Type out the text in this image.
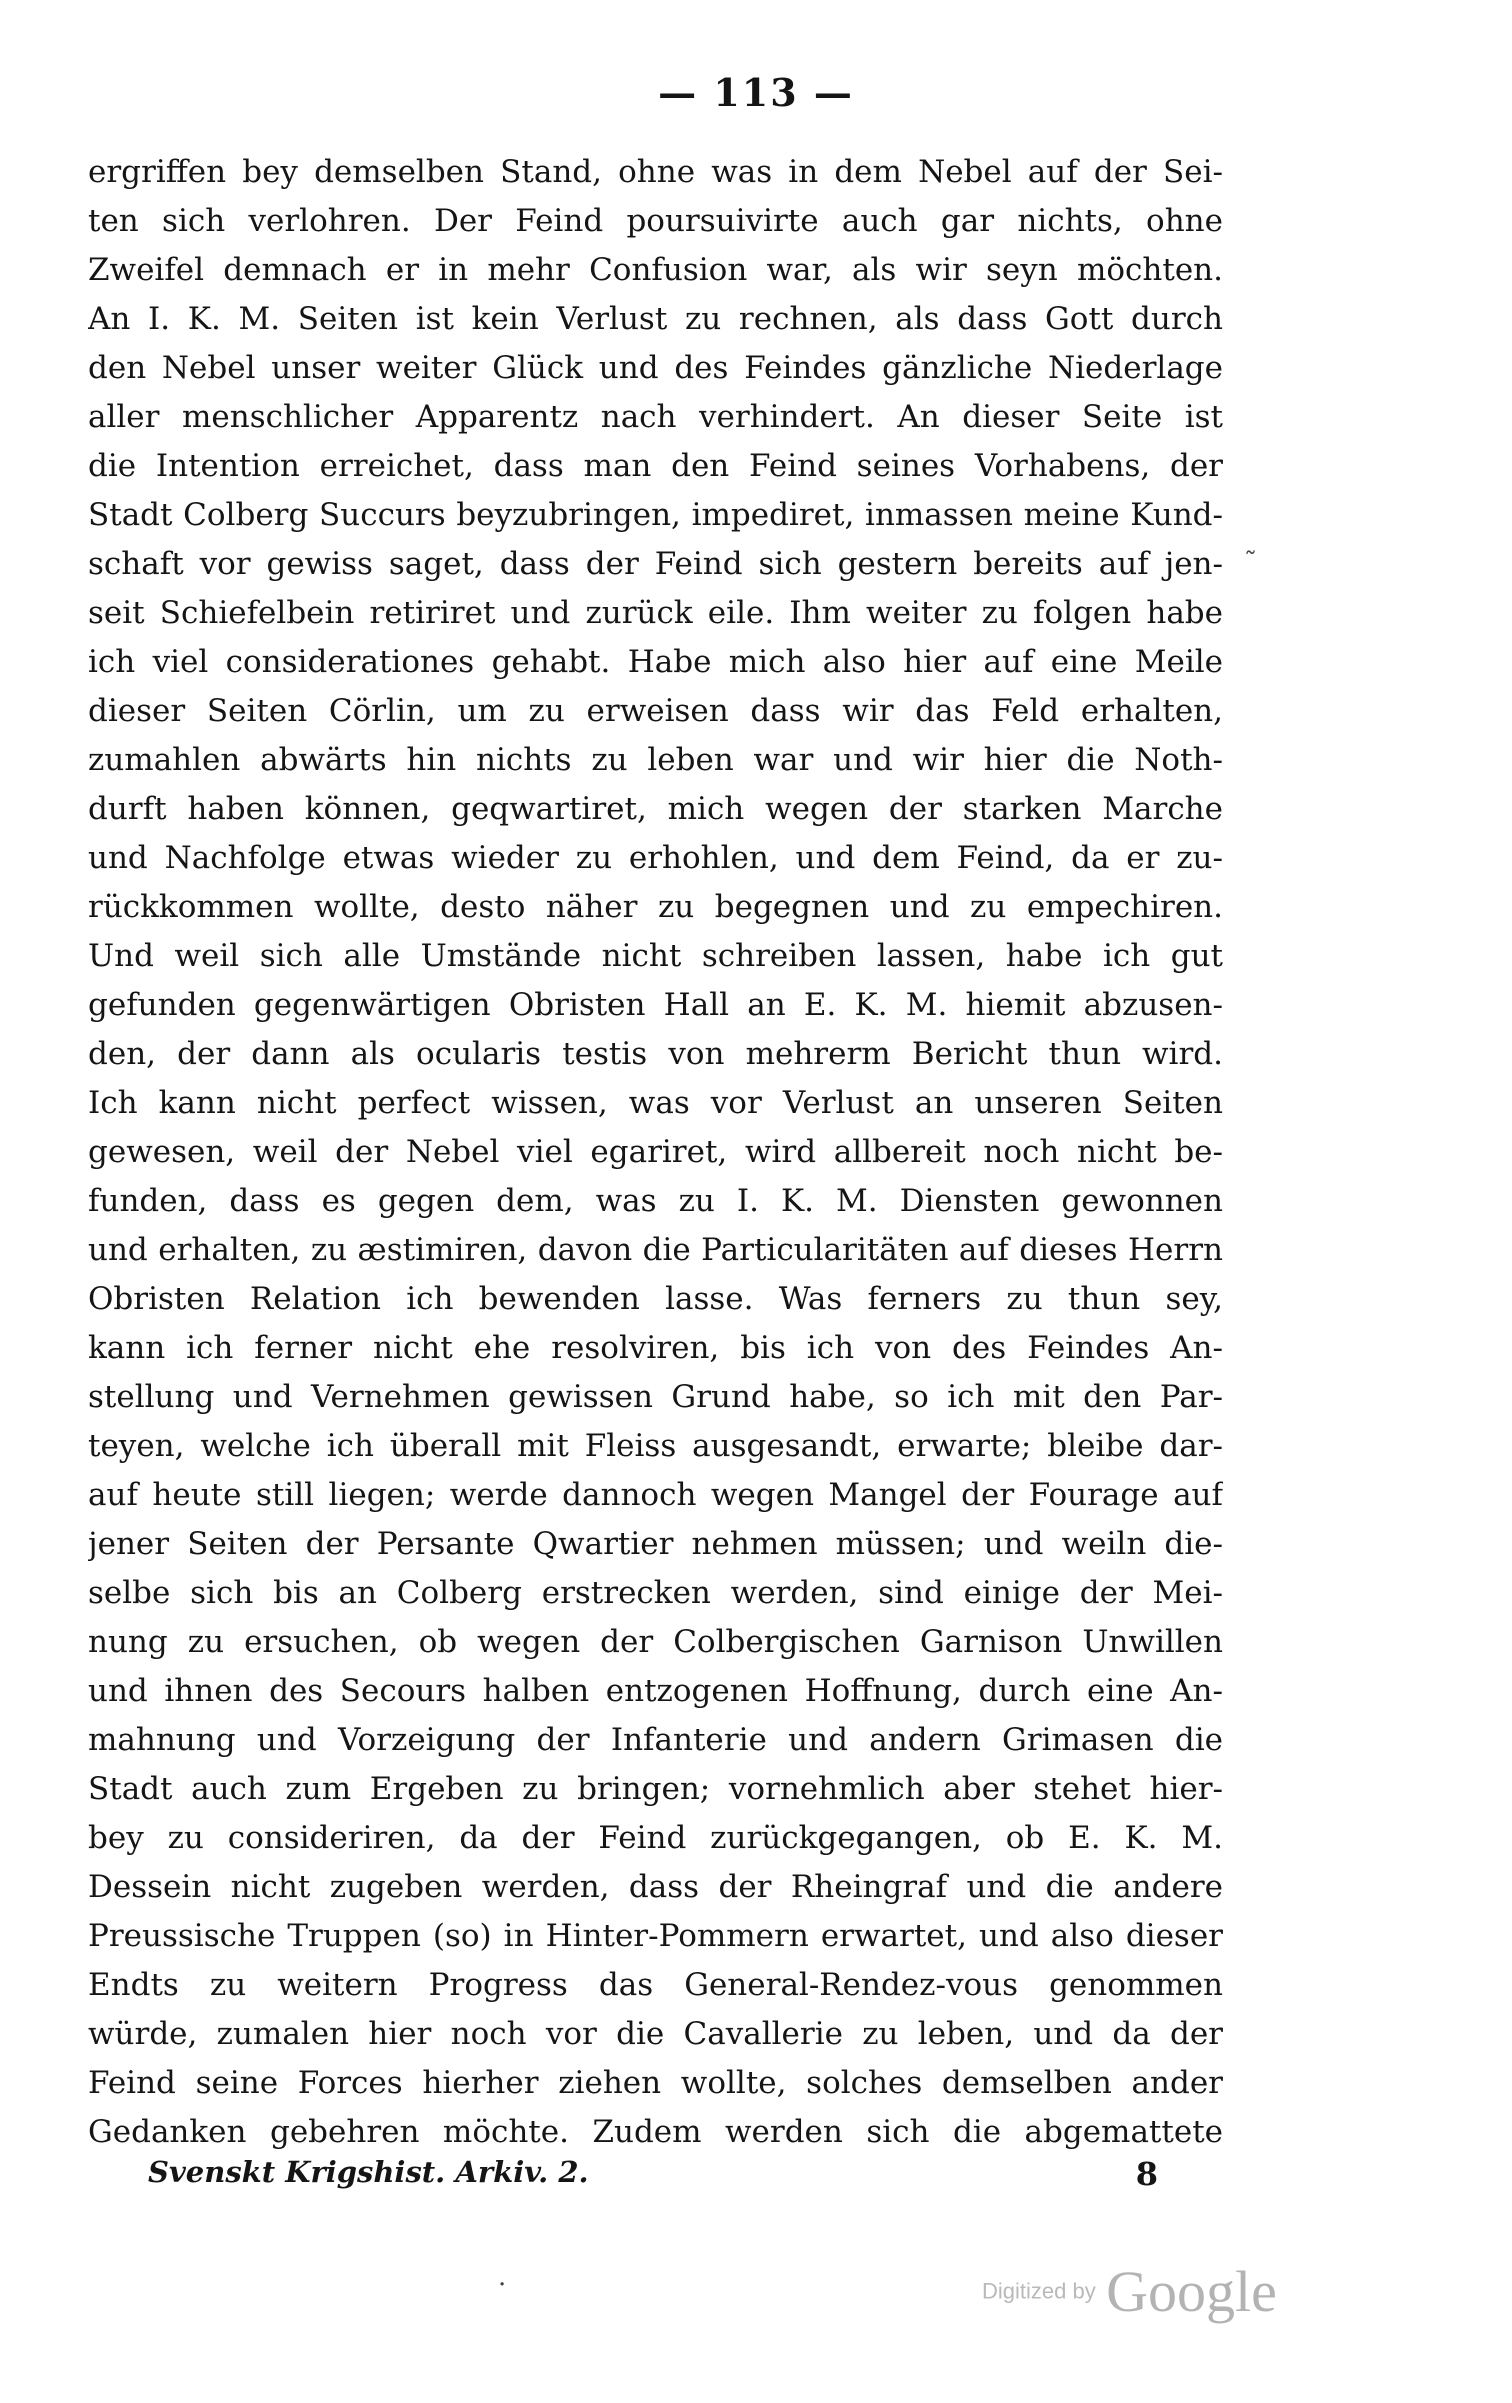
— 113 —
ergriffen bey demselben Stand, ohne was in dem Nebel auf der Sei-
ten sich verlohren. Der Feind poursuivirte auch gar nichts, ohne
Zweifel demnach er in mehr Confusion war, als wir seyn möchten.
An I. K. M. Seiten ist kein Verlust zu rechnen, als dass Gott durch
den Nebel unser weiter Glück und des Feindes gänzliche Niederlage
aller menschlicher Apparentz nach verhindert. An dieser Seite ist
die Intention erreichet, dass man den Feind seines Vorhabens, der
Stadt Colberg Succurs beyzubringen, impediret, inmassen meine Kund-
schaft vor gewiss saget, dass der Feind sich gestern bereits auf jen-
seit Schiefelbein retiriret und zurück eile. Ihm weiter zu folgen habe
ich viel considerationes gehabt. Habe mich also hier auf eine Meile
dieser Seiten Cörlin, um zu erweisen dass wir das Feld erhalten,
zumahlen abwärts hin nichts zu leben war und wir hier die Noth-
durft haben können, geqwartiret, mich wegen der starken Marche
und Nachfolge etwas wieder zu erhohlen, und dem Feind, da er zu-
rückkommen wollte, desto näher zu begegnen und zu empechiren.
Und weil sich alle Umstände nicht schreiben lassen, habe ich gut
gefunden gegenwärtigen Obristen Hall an E. K. M. hiemit abzusen-
den, der dann als ocularis testis von mehrerm Bericht thun wird.
Ich kann nicht perfect wissen, was vor Verlust an unseren Seiten
gewesen, weil der Nebel viel egariret, wird allbereit noch nicht be-
funden, dass es gegen dem, was zu I. K. M. Diensten gewonnen
und erhalten, zu æstimiren, davon die Particularitäten auf dieses Herrn
Obristen Relation ich bewenden lasse. Was ferners zu thun sey,
kann ich ferner nicht ehe resolviren, bis ich von des Feindes An-
stellung und Vernehmen gewissen Grund habe, so ich mit den Par-
teyen, welche ich überall mit Fleiss ausgesandt, erwarte; bleibe dar-
auf heute still liegen; werde dannoch wegen Mangel der Fourage auf
jener Seiten der Persante Qwartier nehmen müssen; und weiln die-
selbe sich bis an Colberg erstrecken werden, sind einige der Mei-
nung zu ersuchen, ob wegen der Colbergischen Garnison Unwillen
und ihnen des Secours halben entzogenen Hoffnung, durch eine An-
mahnung und Vorzeigung der Infanterie und andern Grimasen die
Stadt auch zum Ergeben zu bringen; vornehmlich aber stehet hier-
bey zu consideriren, da der Feind zurückgegangen, ob E. K. M.
Dessein nicht zugeben werden, dass der Rheingraf und die andere
Preussische Truppen (so) in Hinter-Pommern erwartet, und also dieser
Endts zu weitern Progress das General-Rendez-vous genommen
würde, zumalen hier noch vor die Cavallerie zu leben, und da der
Feind seine Forces hierher ziehen wollte, solches demselben ander
Gedanken gebehren möchte. Zudem werden sich die abgemattete
Svenskt Krigshist. Arkiv. 2.	8
˜
·	Digitized by Google
